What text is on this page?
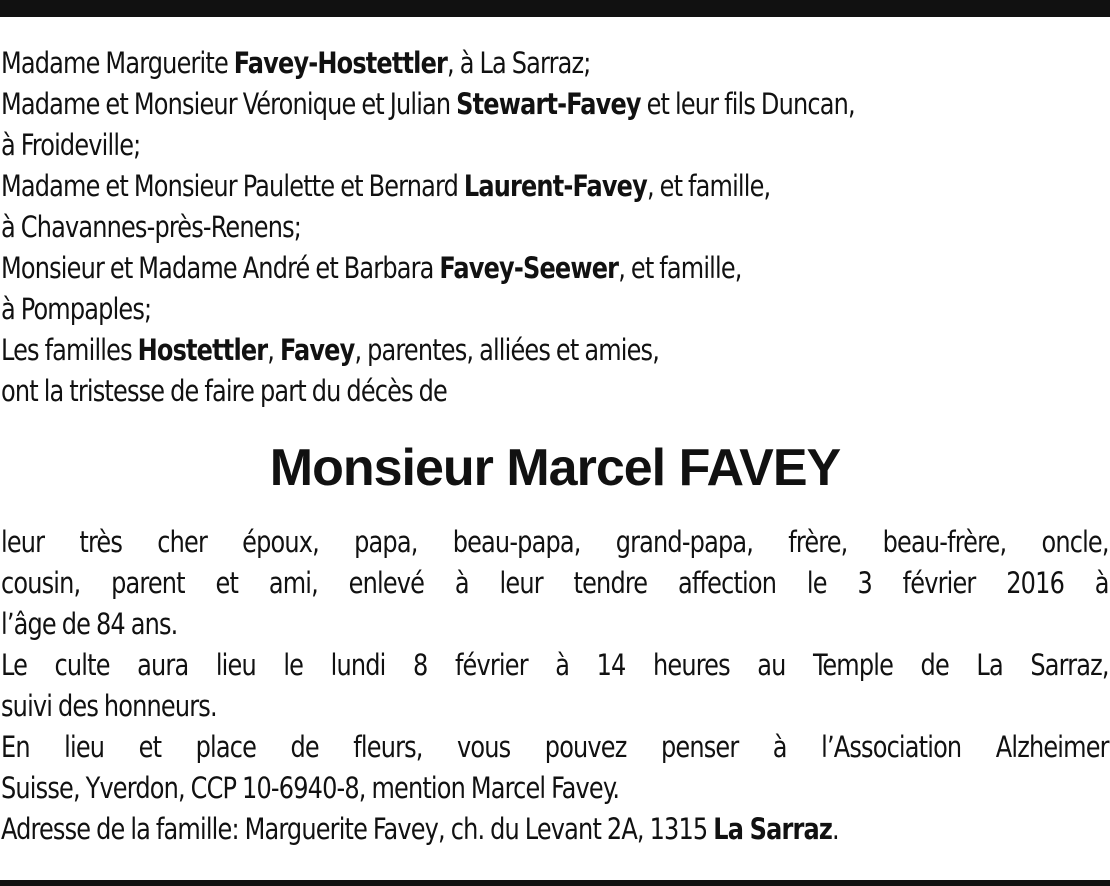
Madame Marguerite Favey-Hostettler, à La Sarraz;
Madame et Monsieur Véronique et Julian Stewart-Favey et leur fils Duncan,
à Froideville;
Madame et Monsieur Paulette et Bernard Laurent-Favey, et famille,
à Chavannes-près-Renens;
Monsieur et Madame André et Barbara Favey-Seewer, et famille,
à Pompaples;
Les familles Hostettler, Favey, parentes, alliées et amies,
ont la tristesse de faire part du décès de
Monsieur Marcel FAVEY
leur très cher époux, papa, beau-papa, grand-papa, frère, beau-frère, oncle,
cousin, parent et ami, enlevé à leur tendre affection le 3 février 2016 à
l’âge de 84 ans.
Le culte aura lieu le lundi 8 février à 14 heures au Temple de La Sarraz,
suivi des honneurs.
En lieu et place de fleurs, vous pouvez penser à l’Association Alzheimer
Suisse, Yverdon, CCP 10-6940-8, mention Marcel Favey.
Adresse de la famille: Marguerite Favey, ch. du Levant 2A, 1315 La Sarraz.
